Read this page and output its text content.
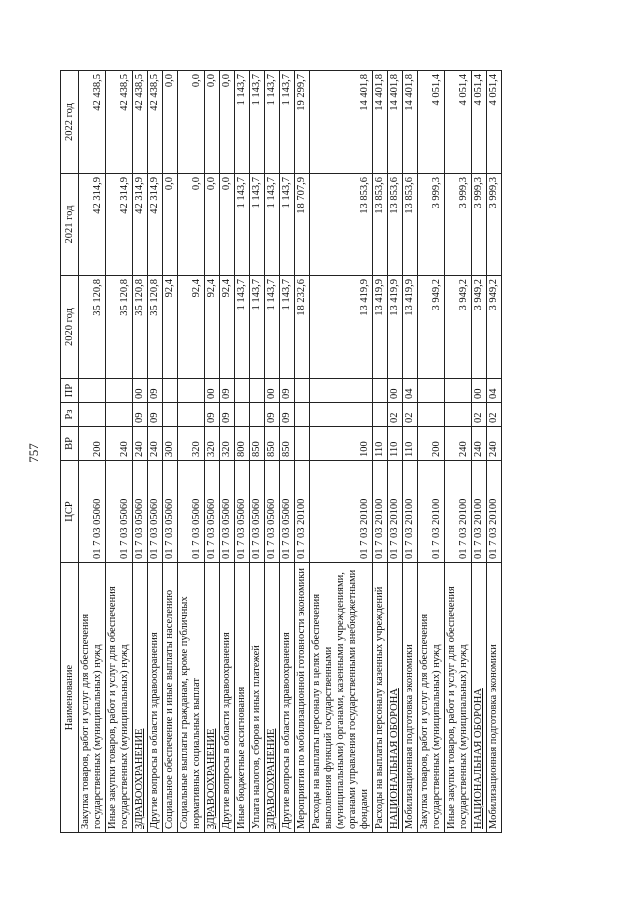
757
Наименование	ЦСР	ВР	Рз	ПР	2020 год	2021 год	2022 год
Закупка товаров, работ и услуг для обеспечения государственных (муниципальных) нужд	01 7 03 05060	200			35 120,8	42 314,9	42 438,5
Иные закупки товаров, работ и услуг для обеспечения государственных (муниципальных) нужд	01 7 03 05060	240			35 120,8	42 314,9	42 438,5
ЗДРАВООХРАНЕНИЕ	01 7 03 05060	240	09	00	35 120,8	42 314,9	42 438,5
Другие вопросы в области здравоохранения	01 7 03 05060	240	09	09	35 120,8	42 314,9	42 438,5
Социальное обеспечение и иные выплаты населению	01 7 03 05060	300			92,4	0,0	0,0
Социальные выплаты гражданам, кроме публичных нормативных социальных выплат	01 7 03 05060	320			92,4	0,0	0,0
ЗДРАВООХРАНЕНИЕ	01 7 03 05060	320	09	00	92,4	0,0	0,0
Другие вопросы в области здравоохранения	01 7 03 05060	320	09	09	92,4	0,0	0,0
Иные бюджетные ассигнования	01 7 03 05060	800			1 143,7	1 143,7	1 143,7
Уплата налогов, сборов и иных платежей	01 7 03 05060	850			1 143,7	1 143,7	1 143,7
ЗДРАВООХРАНЕНИЕ	01 7 03 05060	850	09	00	1 143,7	1 143,7	1 143,7
Другие вопросы в области здравоохранения	01 7 03 05060	850	09	09	1 143,7	1 143,7	1 143,7
Мероприятия по мобилизационной готовности экономики	01 7 03 20100				18 232,6	18 707,9	19 299,7
Расходы на выплаты персоналу в целях обеспечения выполнения функций государственными (муниципальными) органами, казенными учреждениями, органами управления государственными внебюджетными фондами	01 7 03 20100	100			13 419,9	13 853,6	14 401,8
Расходы на выплаты персоналу казенных учреждений	01 7 03 20100	110			13 419,9	13 853,6	14 401,8
НАЦИОНАЛЬНАЯ ОБОРОНА	01 7 03 20100	110	02	00	13 419,9	13 853,6	14 401,8
Мобилизационная подготовка экономики	01 7 03 20100	110	02	04	13 419,9	13 853,6	14 401,8
Закупка товаров, работ и услуг для обеспечения государственных (муниципальных) нужд	01 7 03 20100	200			3 949,2	3 999,3	4 051,4
Иные закупки товаров, работ и услуг для обеспечения государственных (муниципальных) нужд	01 7 03 20100	240			3 949,2	3 999,3	4 051,4
НАЦИОНАЛЬНАЯ ОБОРОНА	01 7 03 20100	240	02	00	3 949,2	3 999,3	4 051,4
Мобилизационная подготовка экономики	01 7 03 20100	240	02	04	3 949,2	3 999,3	4 051,4
